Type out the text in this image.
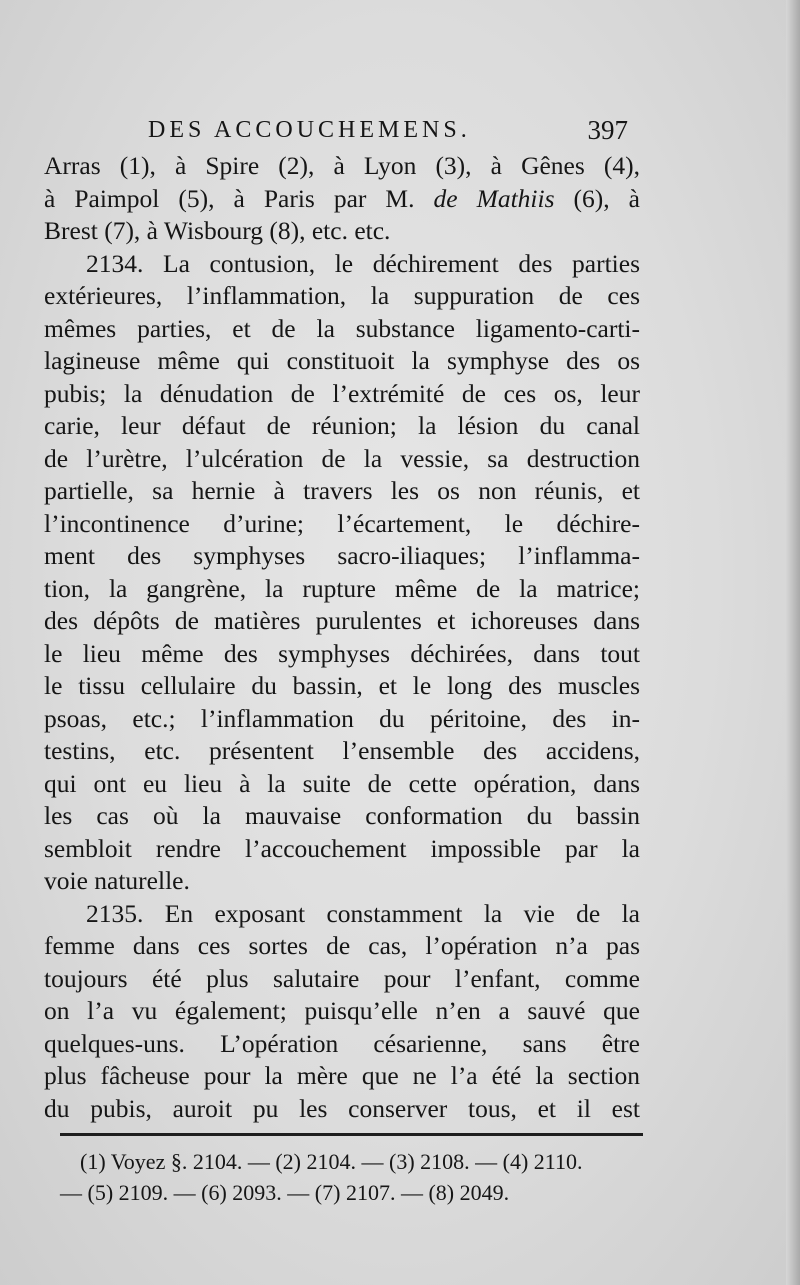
DES ACCOUCHEMENS.	397
Arras (1), à Spire (2), à Lyon (3), à Gênes (4),
à Paimpol (5), à Paris par M. de Mathiis (6), à
Brest (7), à Wisbourg (8), etc. etc.
2134. La contusion, le déchirement des parties
extérieures, l’inflammation, la suppuration de ces
mêmes parties, et de la substance ligamento-carti-
lagineuse même qui constituoit la symphyse des os
pubis; la dénudation de l’extrémité de ces os, leur
carie, leur défaut de réunion; la lésion du canal
de l’urètre, l’ulcération de la vessie, sa destruction
partielle, sa hernie à travers les os non réunis, et
l’incontinence d’urine; l’écartement, le déchire-
ment des symphyses sacro-iliaques; l’inflamma-
tion, la gangrène, la rupture même de la matrice;
des dépôts de matières purulentes et ichoreuses dans
le lieu même des symphyses déchirées, dans tout
le tissu cellulaire du bassin, et le long des muscles
psoas, etc.; l’inflammation du péritoine, des in-
testins, etc. présentent l’ensemble des accidens,
qui ont eu lieu à la suite de cette opération, dans
les cas où la mauvaise conformation du bassin
sembloit rendre l’accouchement impossible par la
voie naturelle.
2135. En exposant constamment la vie de la
femme dans ces sortes de cas, l’opération n’a pas
toujours été plus salutaire pour l’enfant, comme
on l’a vu également; puisqu’elle n’en a sauvé que
quelques-uns. L’opération césarienne, sans être
plus fâcheuse pour la mère que ne l’a été la section
du pubis, auroit pu les conserver tous, et il est
(1) Voyez §. 2104. — (2) 2104. — (3) 2108. — (4) 2110.
— (5) 2109. — (6) 2093. — (7) 2107. — (8) 2049.
